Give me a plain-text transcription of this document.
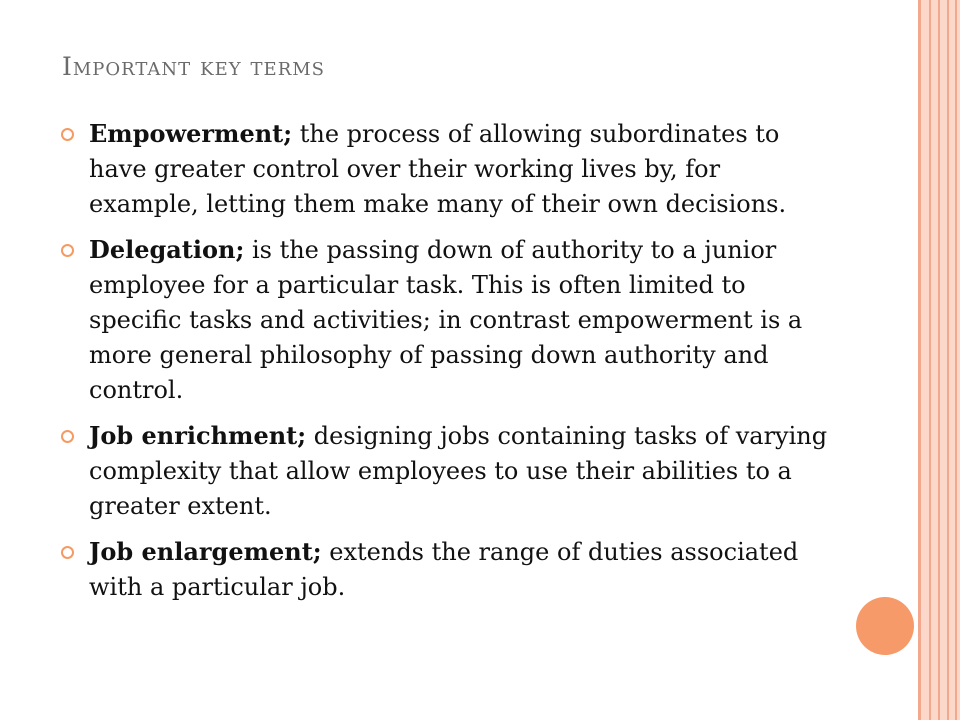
Important key terms
Empowerment; the process of allowing subordinates to have greater control over their working lives by, for example, letting them make many of their own decisions.
Delegation; is the passing down of authority to a junior employee for a particular task. This is often limited to specific tasks and activities; in contrast empowerment is a more general philosophy of passing down authority and control.
Job enrichment; designing jobs containing tasks of varying complexity that allow employees to use their abilities to a greater extent.
Job enlargement; extends the range of duties associated with a particular job.
